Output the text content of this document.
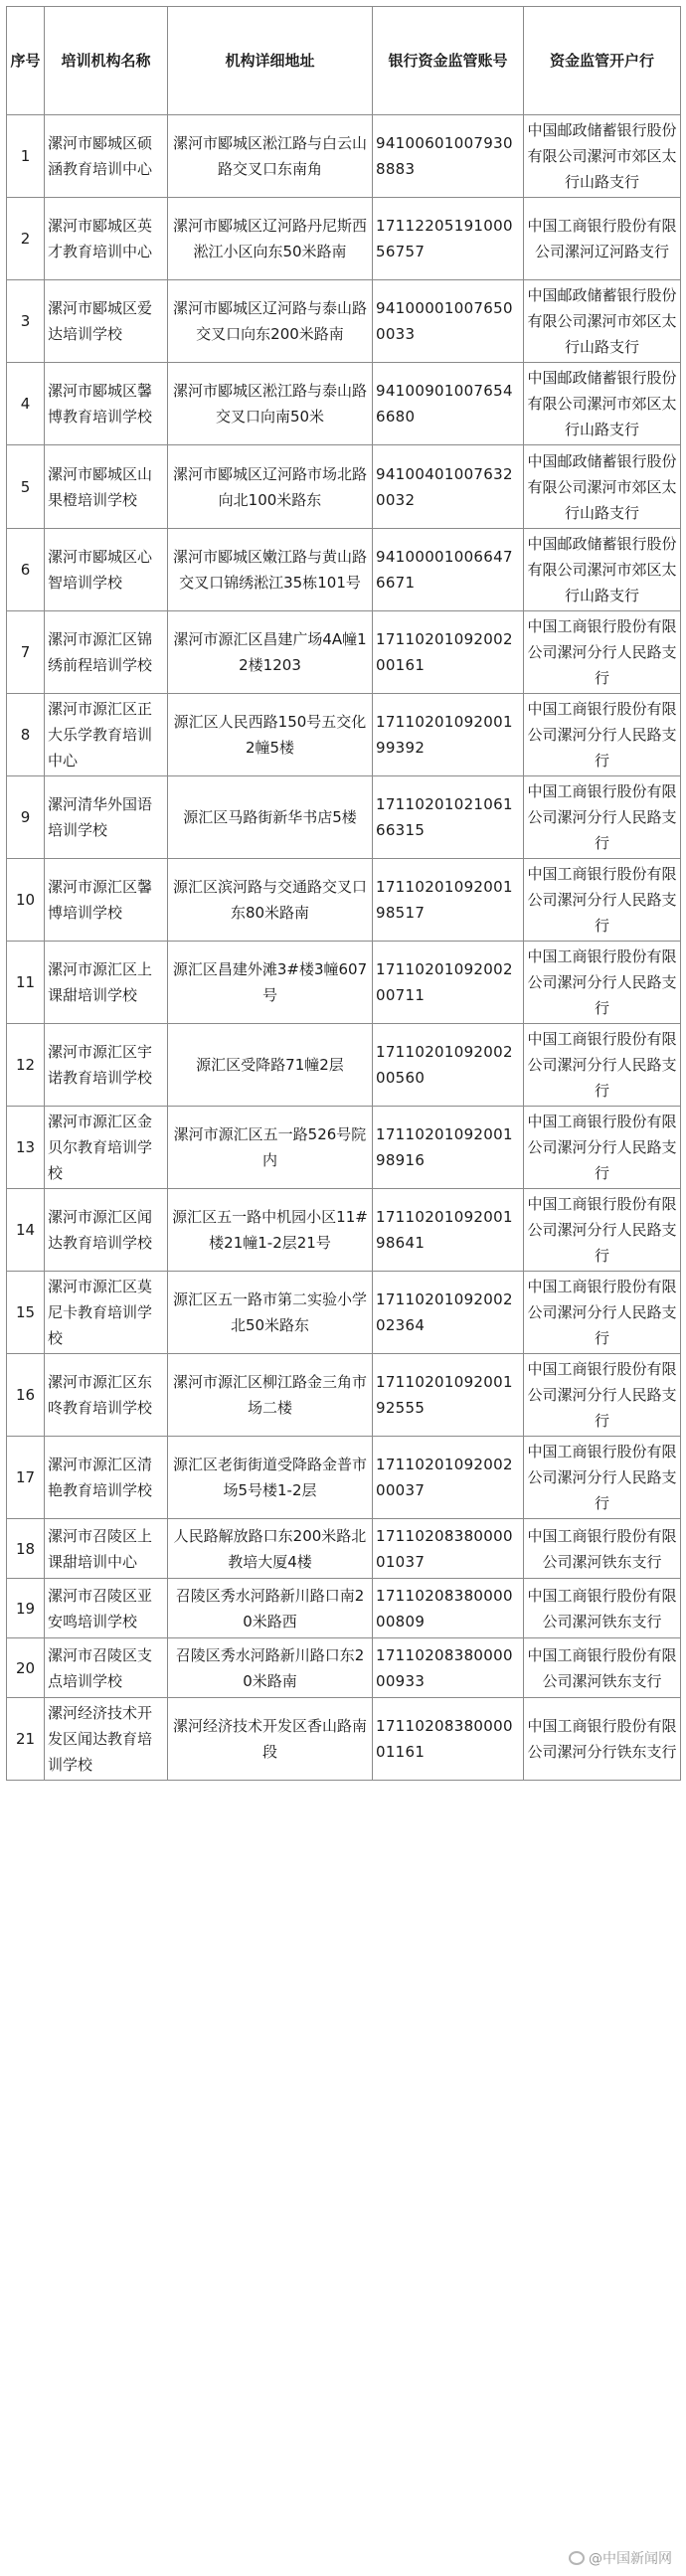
序号	培训机构名称	机构详细地址	银行资金监管账号	资金监管开户行
1	漯河市郾城区硕涵教育培训中心	漯河市郾城区淞江路与白云山路交叉口东南角	941006010079308883	中国邮政储蓄银行股份有限公司漯河市郊区太行山路支行
2	漯河市郾城区英才教育培训中心	漯河市郾城区辽河路丹尼斯西淞江小区向东50米路南	1711220519100056757	中国工商银行股份有限公司漯河辽河路支行
3	漯河市郾城区爱达培训学校	漯河市郾城区辽河路与泰山路交叉口向东200米路南	941000010076500033	中国邮政储蓄银行股份有限公司漯河市郊区太行山路支行
4	漯河市郾城区馨博教育培训学校	漯河市郾城区淞江路与泰山路交叉口向南50米	941009010076546680	中国邮政储蓄银行股份有限公司漯河市郊区太行山路支行
5	漯河市郾城区山果橙培训学校	漯河市郾城区辽河路市场北路向北100米路东	941004010076320032	中国邮政储蓄银行股份有限公司漯河市郊区太行山路支行
6	漯河市郾城区心智培训学校	漯河市郾城区嫩江路与黄山路交叉口锦绣淞江35栋101号	941000010066476671	中国邮政储蓄银行股份有限公司漯河市郊区太行山路支行
7	漯河市源汇区锦绣前程培训学校	漯河市源汇区昌建广场4A幢12楼1203	1711020109200200161	中国工商银行股份有限公司漯河分行人民路支行
8	漯河市源汇区正大乐学教育培训中心	源汇区人民西路150号五交化2幢5楼	1711020109200199392	中国工商银行股份有限公司漯河分行人民路支行
9	漯河清华外国语培训学校	源汇区马路街新华书店5楼	1711020102106166315	中国工商银行股份有限公司漯河分行人民路支行
10	漯河市源汇区馨博培训学校	源汇区滨河路与交通路交叉口东80米路南	1711020109200198517	中国工商银行股份有限公司漯河分行人民路支行
11	漯河市源汇区上课甜培训学校	源汇区昌建外滩3#楼3幢607号	1711020109200200711	中国工商银行股份有限公司漯河分行人民路支行
12	漯河市源汇区宇诺教育培训学校	源汇区受降路71幢2层	1711020109200200560	中国工商银行股份有限公司漯河分行人民路支行
13	漯河市源汇区金贝尔教育培训学校	漯河市源汇区五一路526号院内	1711020109200198916	中国工商银行股份有限公司漯河分行人民路支行
14	漯河市源汇区闻达教育培训学校	源汇区五一路中机园小区11#楼21幢1-2层21号	1711020109200198641	中国工商银行股份有限公司漯河分行人民路支行
15	漯河市源汇区莫尼卡教育培训学校	源汇区五一路市第二实验小学北50米路东	1711020109200202364	中国工商银行股份有限公司漯河分行人民路支行
16	漯河市源汇区东咚教育培训学校	漯河市源汇区柳江路金三角市场二楼	1711020109200192555	中国工商银行股份有限公司漯河分行人民路支行
17	漯河市源汇区清艳教育培训学校	源汇区老街街道受降路金普市场5号楼1-2层	1711020109200200037	中国工商银行股份有限公司漯河分行人民路支行
18	漯河市召陵区上课甜培训中心	人民路解放路口东200米路北教培大厦4楼	1711020838000001037	中国工商银行股份有限公司漯河铁东支行
19	漯河市召陵区亚安鸣培训学校	召陵区秀水河路新川路口南20米路西	1711020838000000809	中国工商银行股份有限公司漯河铁东支行
20	漯河市召陵区支点培训学校	召陵区秀水河路新川路口东20米路南	1711020838000000933	中国工商银行股份有限公司漯河铁东支行
21	漯河经济技术开发区闻达教育培训学校	漯河经济技术开发区香山路南段	1711020838000001161	中国工商银行股份有限公司漯河分行铁东支行
@中国新闻网
